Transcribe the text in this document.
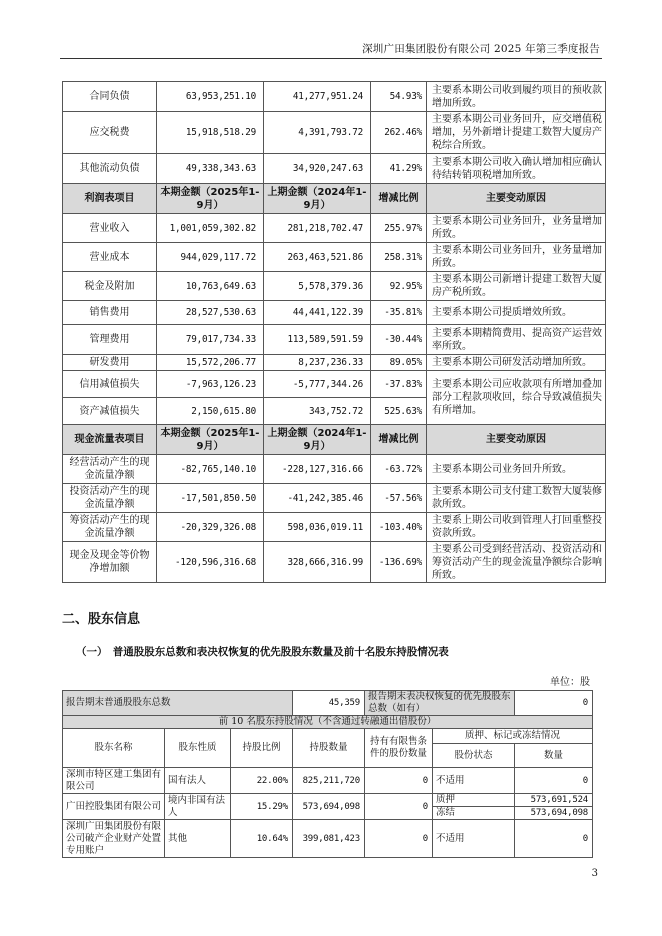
深圳广田集团股份有限公司 2025 年第三季度报告
合同负债	63,953,251.10	41,277,951.24	54.93%	主要系本期公司收到履约项目的预收款增加所致。
应交税费	15,918,518.29	4,391,793.72	262.46%	主要系本期公司业务回升，应交增值税增加，另外新增计提建工数智大厦房产税综合所致。
其他流动负债	49,338,343.63	34,920,247.63	41.29%	主要系本期公司收入确认增加相应确认待结转销项税增加所致。
利润表项目	本期金额（2025年1-9月）	上期金额（2024年1-9月）	增减比例	主要变动原因
营业收入	1,001,059,302.82	281,218,702.47	255.97%	主要系本期公司业务回升，业务量增加所致。
营业成本	944,029,117.72	263,463,521.86	258.31%	主要系本期公司业务回升，业务量增加所致。
税金及附加	10,763,649.63	5,578,379.36	92.95%	主要系本期公司新增计提建工数智大厦房产税所致。
销售费用	28,527,530.63	44,441,122.39	-35.81%	主要系本期公司提质增效所致。
管理费用	79,017,734.33	113,589,591.59	-30.44%	主要系本期精简费用、提高资产运营效率所致。
研发费用	15,572,206.77	8,237,236.33	89.05%	主要系本期公司研发活动增加所致。
信用减值损失	-7,963,126.23	-5,777,344.26	-37.83%	主要系本期公司应收款项有所增加叠加部分工程款项收回，综合导致减值损失有所增加。
资产减值损失	2,150,615.80	343,752.72	525.63%	
现金流量表项目	本期金额（2025年1-9月）	上期金额（2024年1-9月）	增减比例	主要变动原因
经营活动产生的现金流量净额	-82,765,140.10	-228,127,316.66	-63.72%	主要系本期公司业务回升所致。
投资活动产生的现金流量净额	-17,501,850.50	-41,242,385.46	-57.56%	主要系本期公司支付建工数智大厦装修款所致。
筹资活动产生的现金流量净额	-20,329,326.08	598,036,019.11	-103.40%	主要系上期公司收到管理人打回重整投资款所致。
现金及现金等价物净增加额	-120,596,316.68	328,666,316.99	-136.69%	主要系公司受到经营活动、投资活动和筹资活动产生的现金流量净额综合影响所致。
二、股东信息
（一）　普通股股东总数和表决权恢复的优先股股东数量及前十名股东持股情况表
单位：股
报告期末普通股股东总数			45,359	报告期末表决权恢复的优先股股东总数（如有）		0
前 10 名股东持股情况（不含通过转融通出借股份）						
股东名称	股东性质	持股比例	持股数量	持有有限售条件的股份数量	质押、标记或冻结情况	
					股份状态	数量
深圳市特区建工集团有限公司	国有法人	22.00%	825,211,720	0	不适用	0
广田控股集团有限公司	境内非国有法人	15.29%	573,694,098	0	质押	573,691,524
					冻结	573,694,098
深圳广田集团股份有限公司破产企业财产处置专用账户	其他	10.64%	399,081,423	0	不适用	0
3
